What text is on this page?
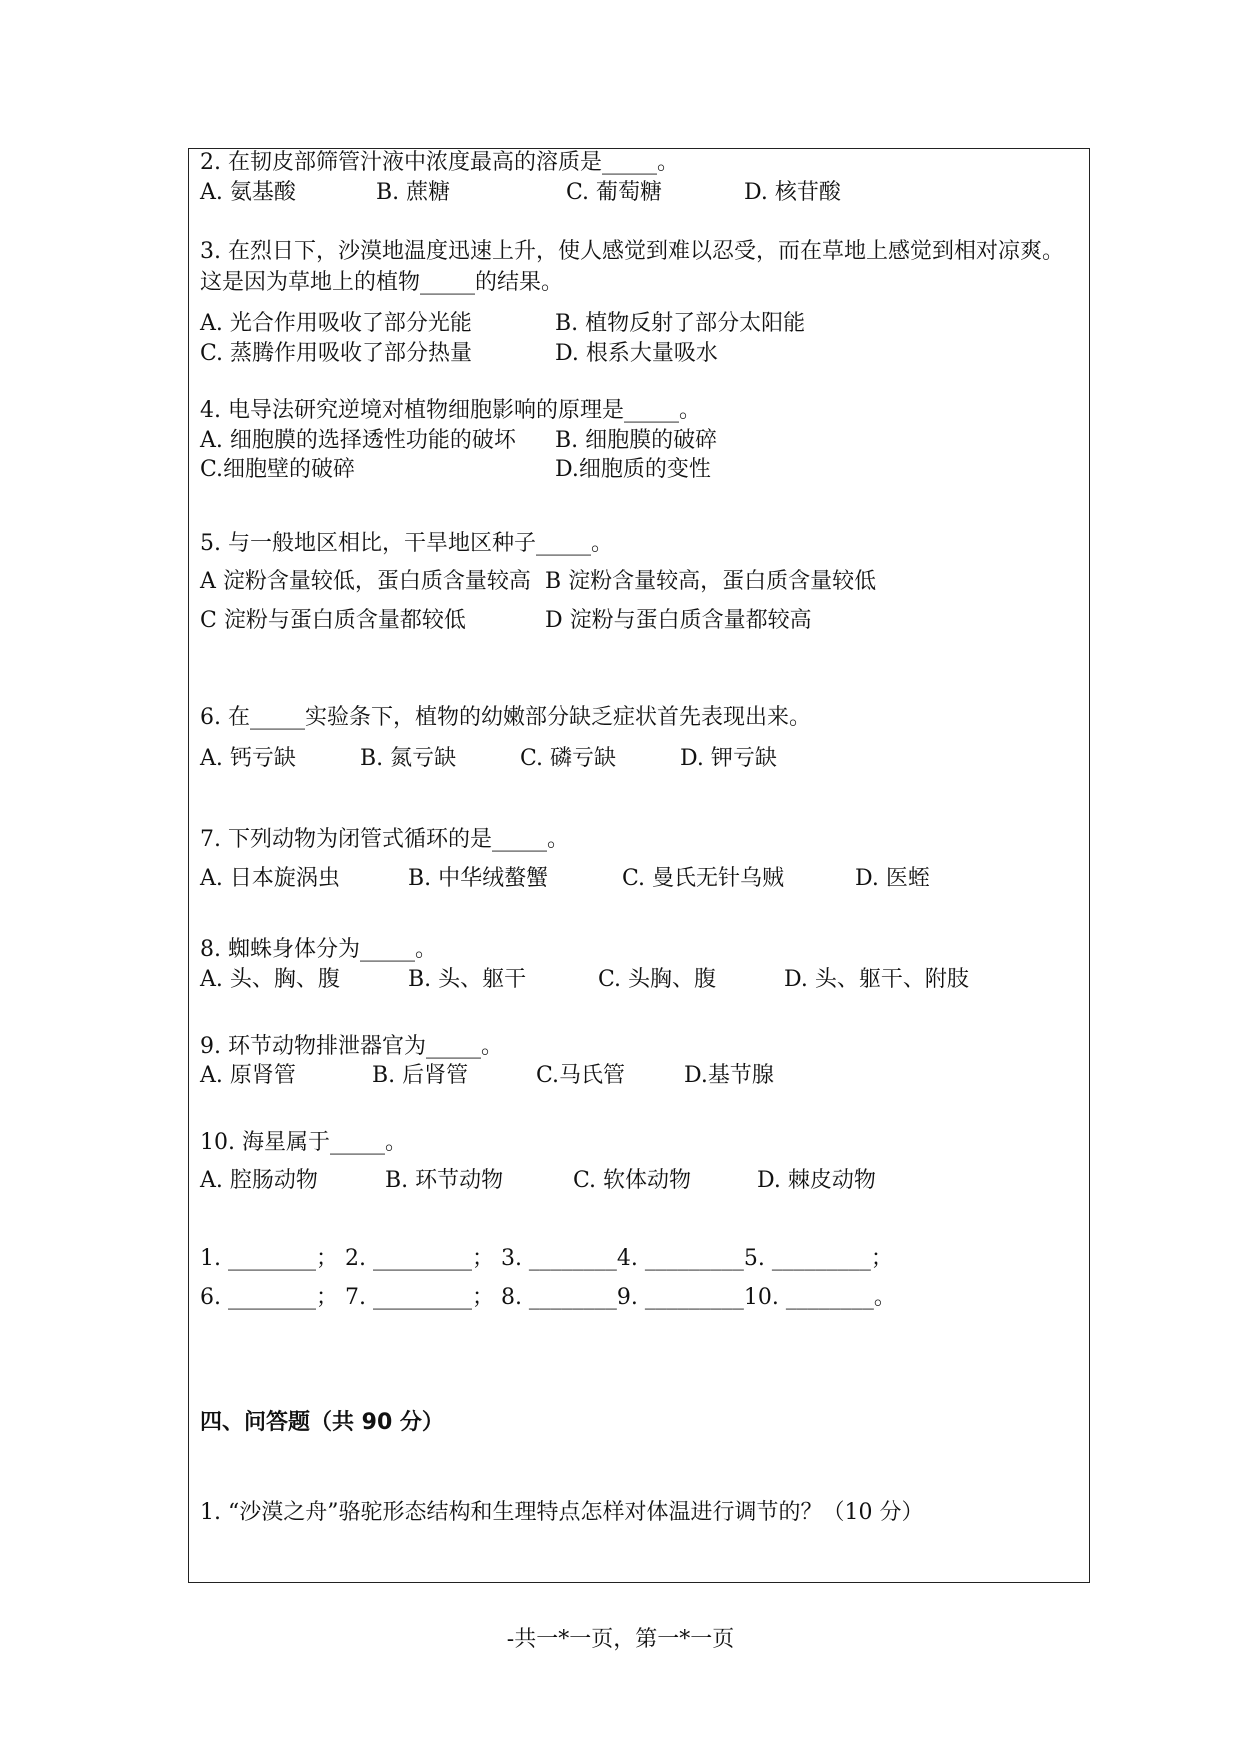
2. 在韧皮部筛管汁液中浓度最高的溶质是_____。
A. 氨基酸	B. 蔗糖	C. 葡萄糖	D. 核苷酸
3. 在烈日下，沙漠地温度迅速上升，使人感觉到难以忍受，而在草地上感觉到相对凉爽。这是因为草地上的植物_____的结果。
A. 光合作用吸收了部分光能	B. 植物反射了部分太阳能
C. 蒸腾作用吸收了部分热量	D. 根系大量吸水
4. 电导法研究逆境对植物细胞影响的原理是_____。
A. 细胞膜的选择透性功能的破坏 B. 细胞膜的破碎
C.细胞壁的破碎	D.细胞质的变性
5. 与一般地区相比，干旱地区种子_____。
A 淀粉含量较低，蛋白质含量较高 B 淀粉含量较高，蛋白质含量较低
C 淀粉与蛋白质含量都较低	D 淀粉与蛋白质含量都较高
6. 在_____实验条下，植物的幼嫩部分缺乏症状首先表现出来。
A. 钙亏缺	B. 氮亏缺	C. 磷亏缺	D. 钾亏缺
7. 下列动物为闭管式循环的是_____。
A. 日本旋涡虫	B. 中华绒螯蟹	C. 曼氏无针乌贼	D. 医蛭
8. 蜘蛛身体分为_____。
A. 头、胸、腹	B. 头、躯干	C. 头胸、腹	D. 头、躯干、附肢
9. 环节动物排泄器官为_____。
A. 原肾管	B. 后肾管	C.马氏管	D.基节腺
10. 海星属于_____。
A. 腔肠动物	B. 环节动物	C. 软体动物	D. 棘皮动物
1. ________； 2. _________； 3. ________4. _________5. _________；
6. ________； 7. _________； 8. ________9. _________10. ________。
四、问答题（共 90 分）
1. “沙漠之舟”骆驼形态结构和生理特点怎样对体温进行调节的？（10 分）
-共一*一页，第一*一页
